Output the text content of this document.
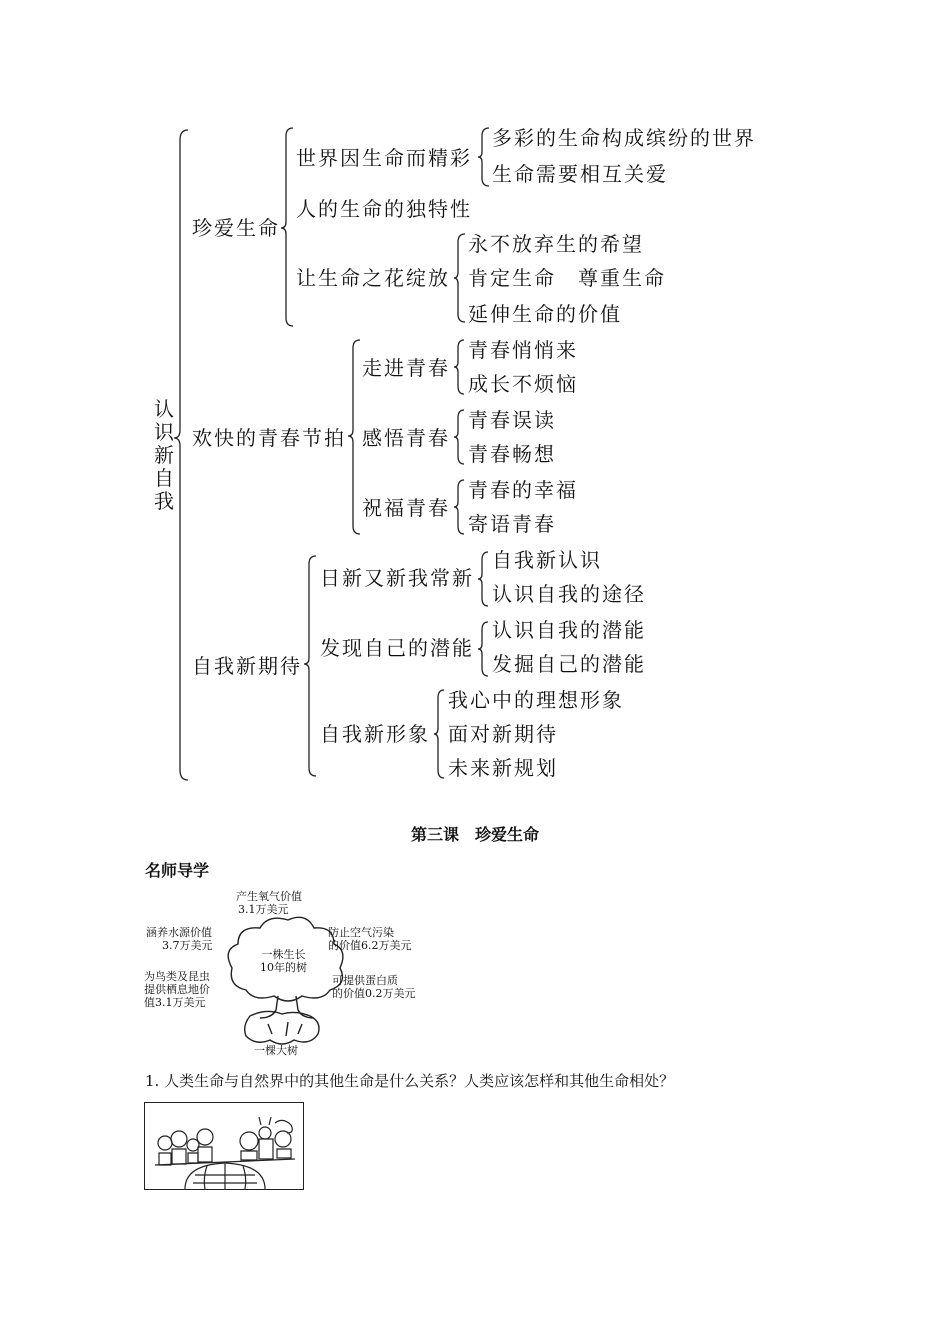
认
识
新
自
我
珍爱生命
欢快的青春节拍
自我新期待
世界因生命而精彩
多彩的生命构成缤纷的世界
生命需要相互关爱
人的生命的独特性
让生命之花绽放
永不放弃生的希望
肯定生命　尊重生命
延伸生命的价值
走进青春
青春悄悄来
成长不烦恼
感悟青春
青春误读
青春畅想
祝福青春
青春的幸福
寄语青春
日新又新我常新
自我新认识
认识自我的途径
发现自己的潜能
认识自我的潜能
发掘自己的潜能
自我新形象
我心中的理想形象
面对新期待
未来新规划
第三课　珍爱生命
名师导学
产生氧气价值
3.1万美元
涵养水源价值
3.7万美元
防止空气污染
的价值6.2万美元
为鸟类及昆虫
提供栖息地价
值3.1万美元
可提供蛋白质
的价值0.2万美元
一株生长
10年的树
一棵大树
1. 人类生命与自然界中的其他生命是什么关系？人类应该怎样和其他生命相处？
